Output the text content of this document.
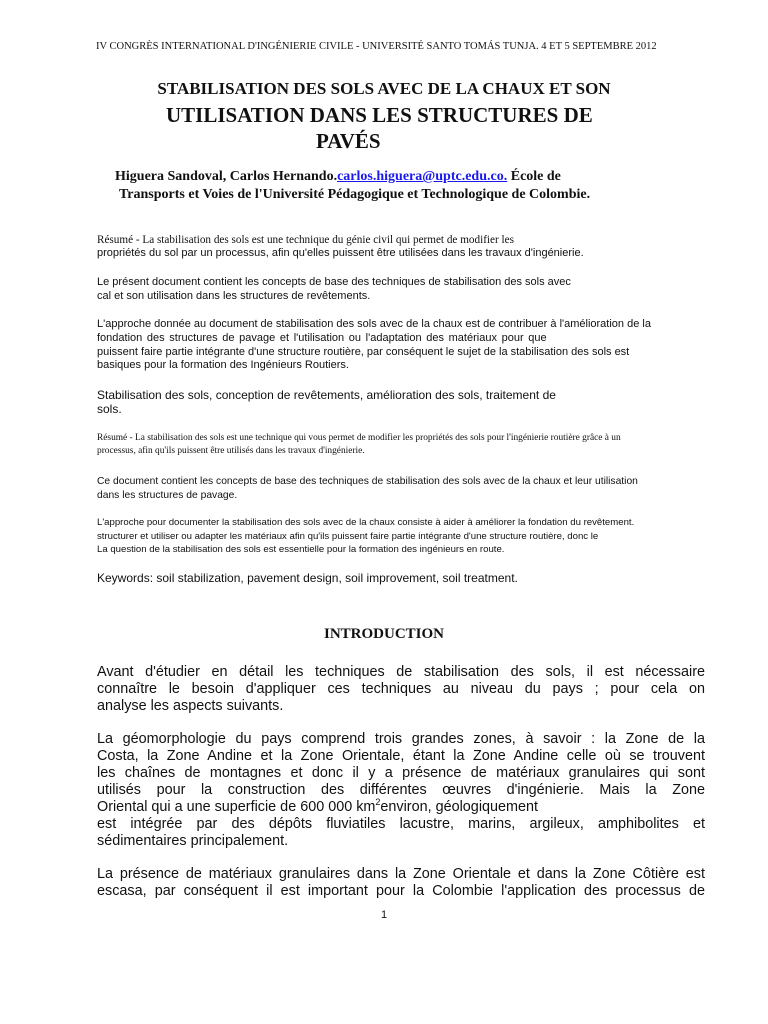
IV CONGRÈS INTERNATIONAL D'INGÉNIERIE CIVILE - UNIVERSITÉ SANTO TOMÁS TUNJA. 4 ET 5 SEPTEMBRE 2012
STABILISATION DES SOLS AVEC DE LA CHAUX ET SON
UTILISATION DANS LES STRUCTURES DE
PAVÉS
Higuera Sandoval, Carlos Hernando.carlos.higuera@uptc.edu.co. École de
Transports et Voies de l'Université Pédagogique et Technologique de Colombie.
Résumé - La stabilisation des sols est une technique du génie civil qui permet de modifier les
propriétés du sol par un processus, afin qu'elles puissent être utilisées dans les travaux d'ingénierie.
Le présent document contient les concepts de base des techniques de stabilisation des sols avec
cal et son utilisation dans les structures de revêtements.
L'approche donnée au document de stabilisation des sols avec de la chaux est de contribuer à l'amélioration de la
fondation des structures de pavage et l'utilisation ou l'adaptation des matériaux pour que
puissent faire partie intégrante d'une structure routière, par conséquent le sujet de la stabilisation des sols est
basiques pour la formation des Ingénieurs Routiers.
Stabilisation des sols, conception de revêtements, amélioration des sols, traitement de
sols.
Résumé - La stabilisation des sols est une technique qui vous permet de modifier les propriétés des sols pour l'ingénierie routière grâce à un
processus, afin qu'ils puissent être utilisés dans les travaux d'ingénierie.
Ce document contient les concepts de base des techniques de stabilisation des sols avec de la chaux et leur utilisation
dans les structures de pavage.
L'approche pour documenter la stabilisation des sols avec de la chaux consiste à aider à améliorer la fondation du revêtement.
structurer et utiliser ou adapter les matériaux afin qu'ils puissent faire partie intégrante d'une structure routière, donc le
La question de la stabilisation des sols est essentielle pour la formation des ingénieurs en route.
Keywords: soil stabilization, pavement design, soil improvement, soil treatment.
INTRODUCTION
Avant d'étudier en détail les techniques de stabilisation des sols, il est nécessaire
connaître le besoin d'appliquer ces techniques au niveau du pays ; pour cela on
analyse les aspects suivants.
La géomorphologie du pays comprend trois grandes zones, à savoir : la Zone de la
Costa, la Zone Andine et la Zone Orientale, étant la Zone Andine celle où se trouvent
les chaînes de montagnes et donc il y a présence de matériaux granulaires qui sont
utilisés pour la construction des différentes œuvres d'ingénierie. Mais la Zone
Oriental qui a une superficie de 600 000 $km^2environ$, géologiquement
est intégrée par des dépôts fluviatiles lacustre, marins, argileux, amphibolites et
sédimentaires principalement.
La présence de matériaux granulaires dans la Zone Orientale et dans la Zone Côtière est
escasa, par conséquent il est important pour la Colombie l'application des processus de
1
